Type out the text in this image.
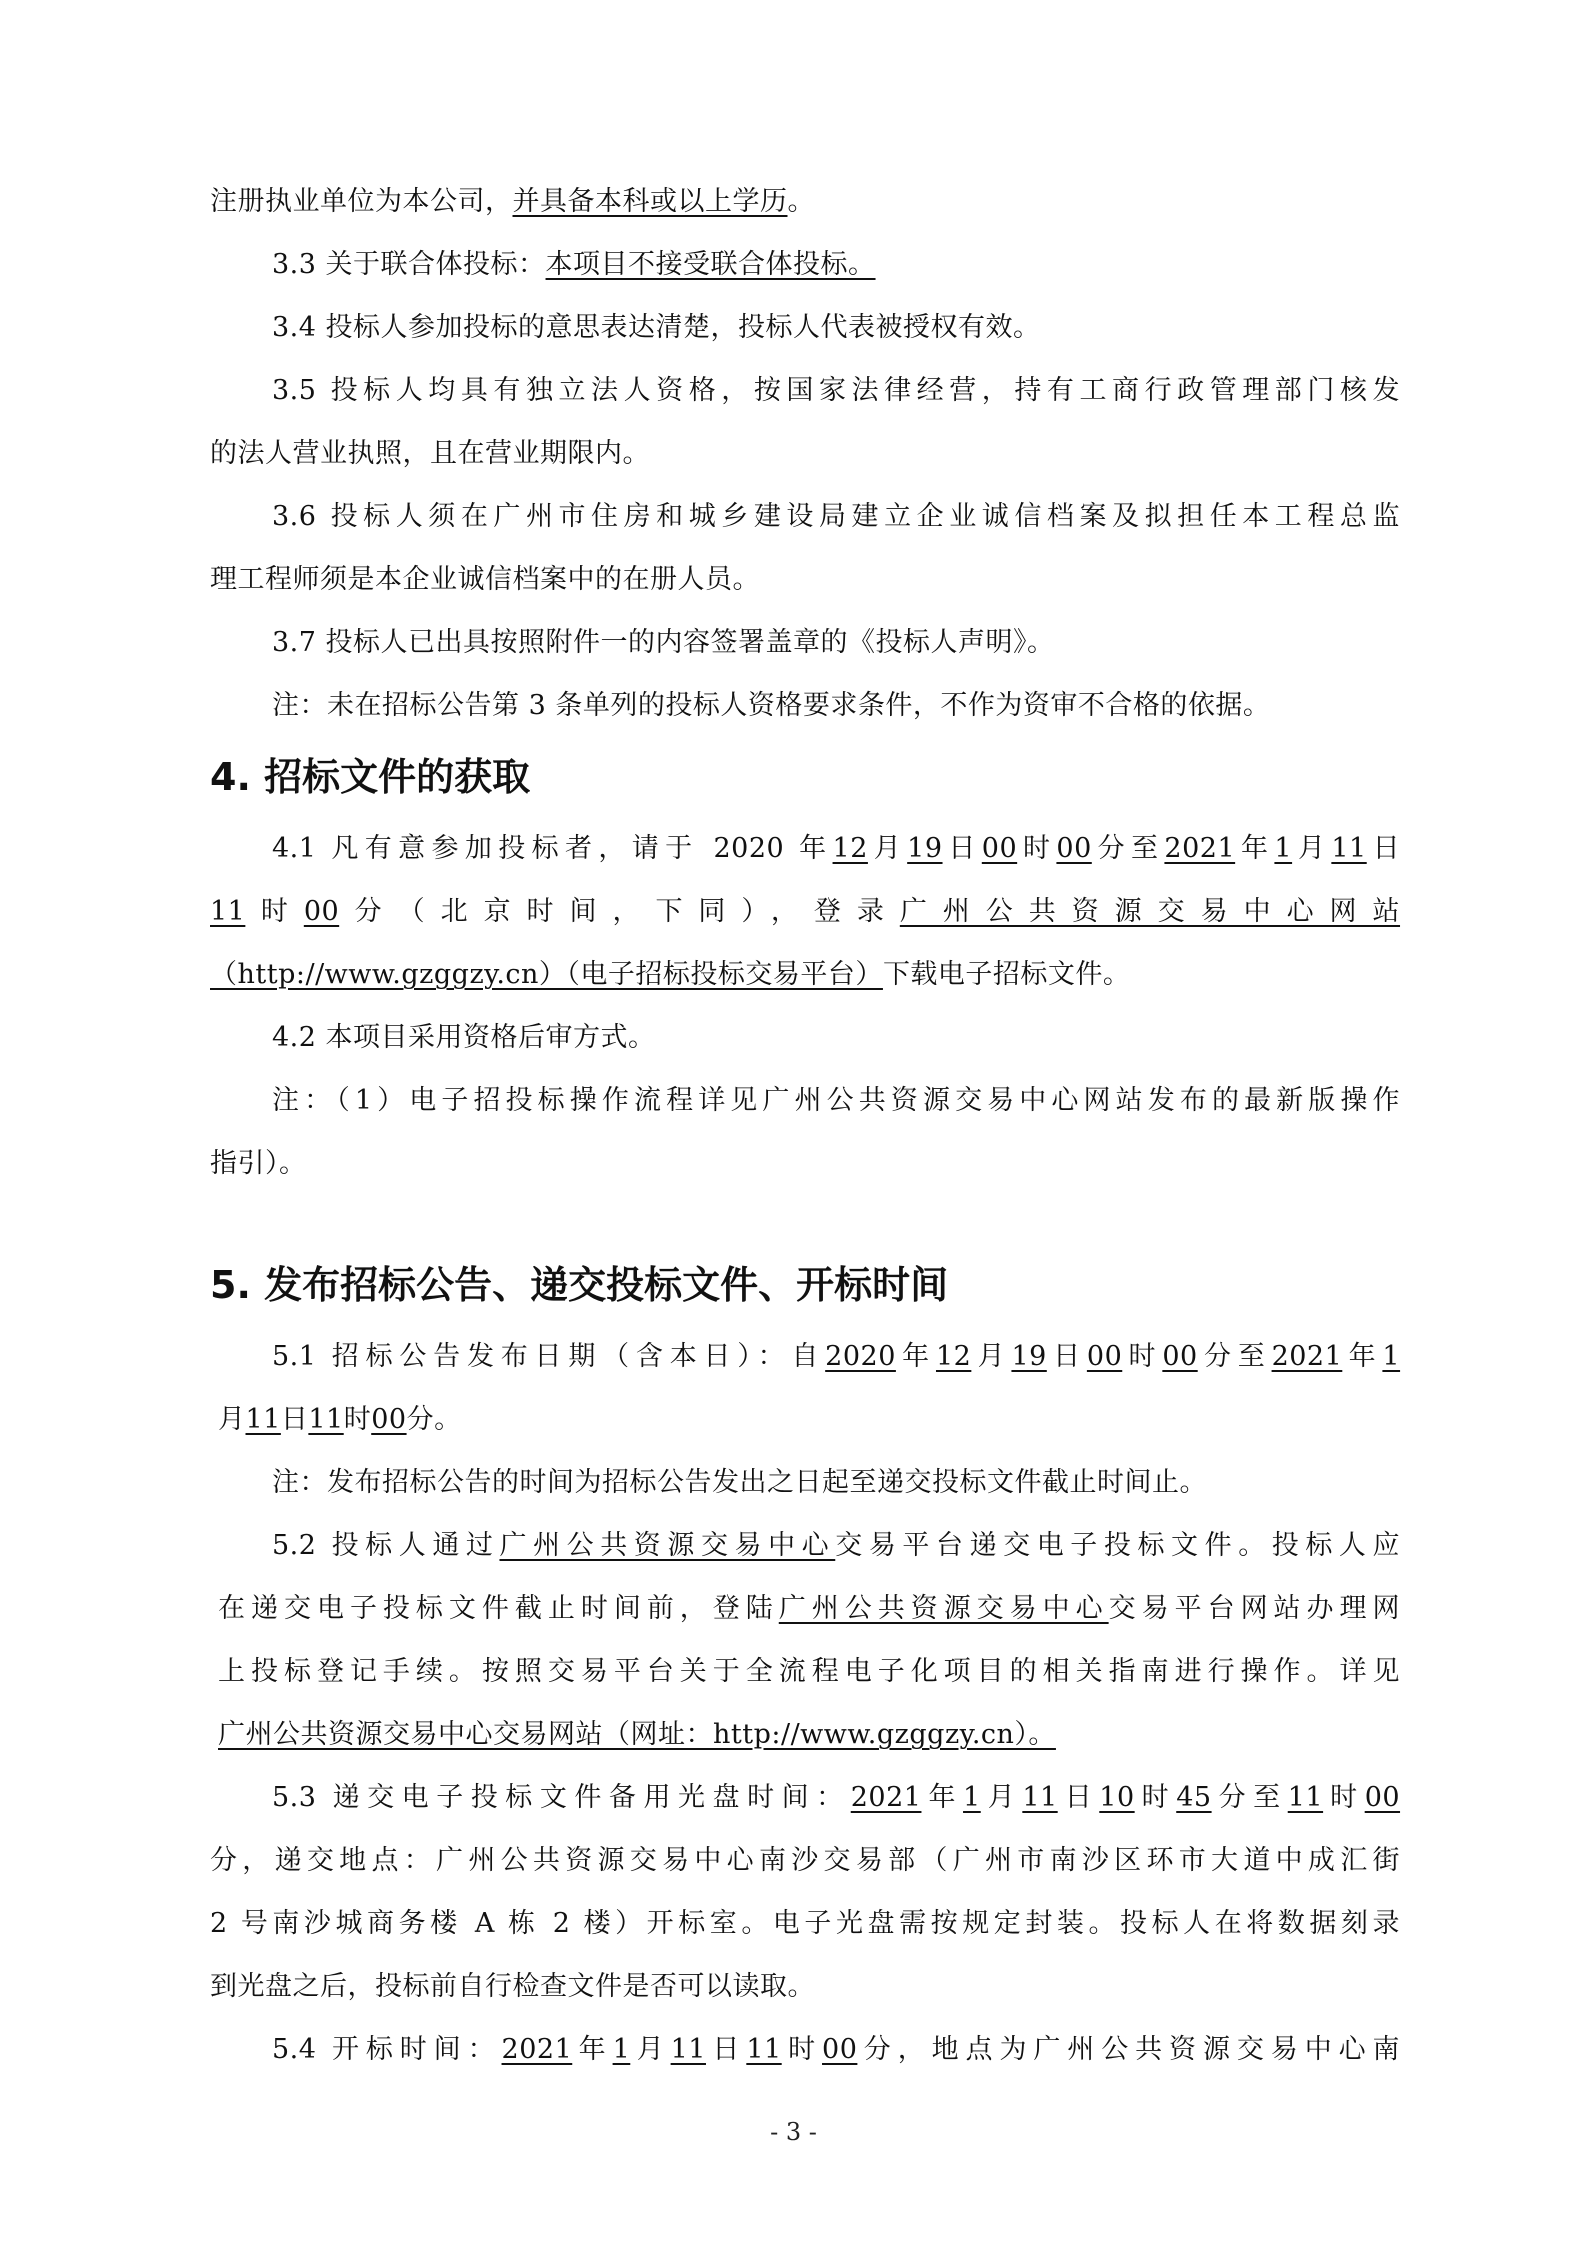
注册执业单位为本公司，并具备本科或以上学历。

3.3 关于联合体投标：本项目不接受联合体投标。

3.4 投标人参加投标的意思表达清楚，投标人代表被授权有效。

3.5 投标人均具有独立法人资格，按国家法律经营，持有工商行政管理部门核发

的法人营业执照，且在营业期限内。

3.6 投标人须在广州市住房和城乡建设局建立企业诚信档案及拟担任本工程总监

理工程师须是本企业诚信档案中的在册人员。

3.7 投标人已出具按照附件一的内容签署盖章的《投标人声明》。

注：未在招标公告第 3 条单列的投标人资格要求条件，不作为资审不合格的依据。

4. 招标文件的获取

4.1 凡有意参加投标者，请于 2020 年12月19日00时00分至2021年1月11日

11时00分（北京时间，下同），登录广州公共资源交易中心网站

（http://www.gzggzy.cn）（电子招标投标交易平台）下载电子招标文件。

4.2 本项目采用资格后审方式。

注：（1）电子招投标操作流程详见广州公共资源交易中心网站发布的最新版操作

指引）。

5. 发布招标公告、递交投标文件、开标时间

5.1 招标公告发布日期（含本日）：自2020年12月19日00时00分至2021年1

月11日11时00分。

注：发布招标公告的时间为招标公告发出之日起至递交投标文件截止时间止。

5.2 投标人通过广州公共资源交易中心交易平台递交电子投标文件。投标人应

在递交电子投标文件截止时间前，登陆广州公共资源交易中心交易平台网站办理网

上投标登记手续。按照交易平台关于全流程电子化项目的相关指南进行操作。详见

广州公共资源交易中心交易网站（网址：http://www.gzggzy.cn）。

5.3 递交电子投标文件备用光盘时间：2021年1月11日10时45分至11时00

分，递交地点：广州公共资源交易中心南沙交易部（广州市南沙区环市大道中成汇街

2 号南沙城商务楼 A 栋 2 楼）开标室。电子光盘需按规定封装。投标人在将数据刻录

到光盘之后，投标前自行检查文件是否可以读取。

5.4 开标时间：2021年1月11日11时00分，地点为广州公共资源交易中心南

- 3 -
